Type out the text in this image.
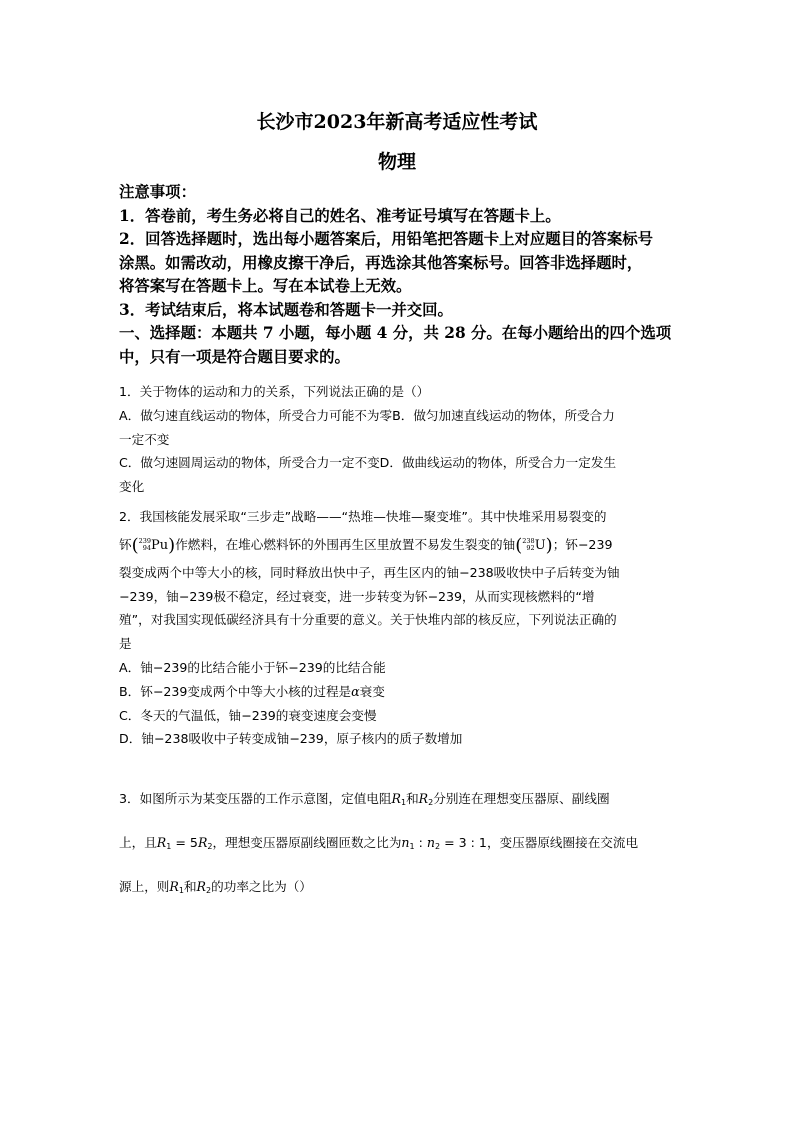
长沙市2023年新高考适应性考试
物理
注意事项：
1．答卷前，考生务必将自己的姓名、准考证号填写在答题卡上。
2．回答选择题时，选出每小题答案后，用铅笔把答题卡上对应题目的答案标号
涂黑。如需改动，用橡皮擦干净后，再选涂其他答案标号。回答非选择题时，
将答案写在答题卡上。写在本试卷上无效。
3．考试结束后，将本试题卷和答题卡一并交回。
一、选择题：本题共 7 小题，每小题 4 分，共 28 分。在每小题给出的四个选项
中，只有一项是符合题目要求的。
1．关于物体的运动和力的关系，下列说法正确的是（）
A．做匀速直线运动的物体，所受合力可能不为零B．做匀加速直线运动的物体，所受合力
一定不变
C．做匀速圆周运动的物体，所受合力一定不变D．做曲线运动的物体，所受合力一定发生
变化
2．我国核能发展采取“三步走”战略——“热堆—快堆—聚变堆”。其中快堆采用易裂变的
钚(239
94Pu)作燃料，在堆心燃料钚的外围再生区里放置不易发生裂变的铀(238
92U)；钚−239
裂变成两个中等大小的核，同时释放出快中子，再生区内的铀−238吸收快中子后转变为铀
−239，铀−239极不稳定，经过衰变，进一步转变为钚−239，从而实现核燃料的“增
殖”，对我国实现低碳经济具有十分重要的意义。关于快堆内部的核反应，下列说法正确的
是
A．铀−239的比结合能小于钚−239的比结合能
B．钚−239变成两个中等大小核的过程是α衰变
C．冬天的气温低，铀−239的衰变速度会变慢
D．铀−238吸收中子转变成铀−239，原子核内的质子数增加
3．如图所示为某变压器的工作示意图，定值电阻$R_1$和$R_2$分别连在理想变压器原、副线圈
上，且$R_1 = 5R_2$，理想变压器原副线圈匝数之比为$n_1$ : $n_2 = 3$ : 1，变压器原线圈接在交流电
源上，则$R_1$和$R_2$的功率之比为（）
